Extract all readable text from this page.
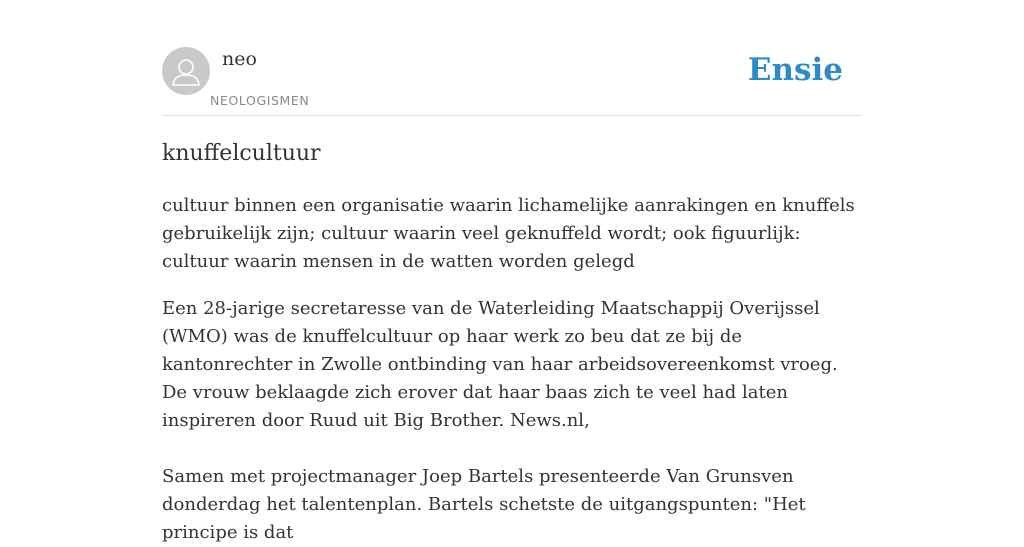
neo
NEOLOGISMEN
Ensie
knuffelcultuur
cultuur binnen een organisatie waarin lichamelijke aanrakingen en knuffels gebruikelijk zijn; cultuur waarin veel geknuffeld wordt; ook figuurlijk: cultuur waarin mensen in de watten worden gelegd

Een 28-jarige secretaresse van de Waterleiding Maatschappij Overijssel (WMO) was de knuffelcultuur op haar werk zo beu dat ze bij de kantonrechter in Zwolle ontbinding van haar arbeidsovereenkomst vroeg. De vrouw beklaagde zich erover dat haar baas zich te veel had laten inspireren door Ruud uit Big Brother. News.nl,

Samen met projectmanager Joep Bartels presenteerde Van Grunsven donderdag het talentenplan. Bartels schetste de uitgangspunten: "Het principe is dat
